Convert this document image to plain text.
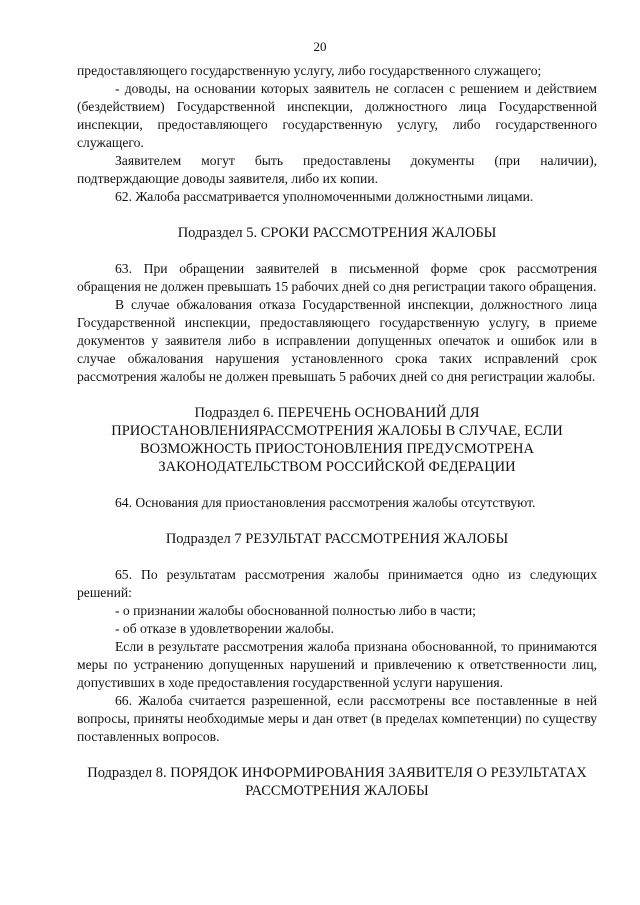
20

предоставляющего государственную услугу, либо государственного служащего;

- доводы, на основании которых заявитель не согласен с решением и действием (бездействием) Государственной инспекции, должностного лица Государственной инспекции, предоставляющего государственную услугу, либо государственного служащего.

Заявителем могут быть предоставлены документы (при наличии), подтверждающие доводы заявителя, либо их копии.

62. Жалоба рассматривается уполномоченными должностными лицами.

Подраздел 5. СРОКИ РАССМОТРЕНИЯ ЖАЛОБЫ

63. При обращении заявителей в письменной форме срок рассмотрения обращения не должен превышать 15 рабочих дней со дня регистрации такого обращения.

В случае обжалования отказа Государственной инспекции, должностного лица Государственной инспекции, предоставляющего государственную услугу, в приеме документов у заявителя либо в исправлении допущенных опечаток и ошибок или в случае обжалования нарушения установленного срока таких исправлений срок рассмотрения жалобы не должен превышать 5 рабочих дней со дня регистрации жалобы.

Подраздел 6. ПЕРЕЧЕНЬ ОСНОВАНИЙ ДЛЯ ПРИОСТАНОВЛЕНИЯРАССМОТРЕНИЯ ЖАЛОБЫ В СЛУЧАЕ, ЕСЛИ ВОЗМОЖНОСТЬ ПРИОСТОНОВЛЕНИЯ ПРЕДУСМОТРЕНА ЗАКОНОДАТЕЛЬСТВОМ РОССИЙСКОЙ ФЕДЕРАЦИИ

64. Основания для приостановления рассмотрения жалобы отсутствуют.

Подраздел 7 РЕЗУЛЬТАТ РАССМОТРЕНИЯ ЖАЛОБЫ

65. По результатам рассмотрения жалобы принимается одно из следующих решений:

- о признании жалобы обоснованной полностью либо в части;

- об отказе в удовлетворении жалобы.

Если в результате рассмотрения жалоба признана обоснованной, то принимаются меры по устранению допущенных нарушений и привлечению к ответственности лиц, допустивших в ходе предоставления государственной услуги нарушения.

66. Жалоба считается разрешенной, если рассмотрены все поставленные в ней вопросы, приняты необходимые меры и дан ответ (в пределах компетенции) по существу поставленных вопросов.

Подраздел 8. ПОРЯДОК ИНФОРМИРОВАНИЯ ЗАЯВИТЕЛЯ О РЕЗУЛЬТАТАХ РАССМОТРЕНИЯ ЖАЛОБЫ
